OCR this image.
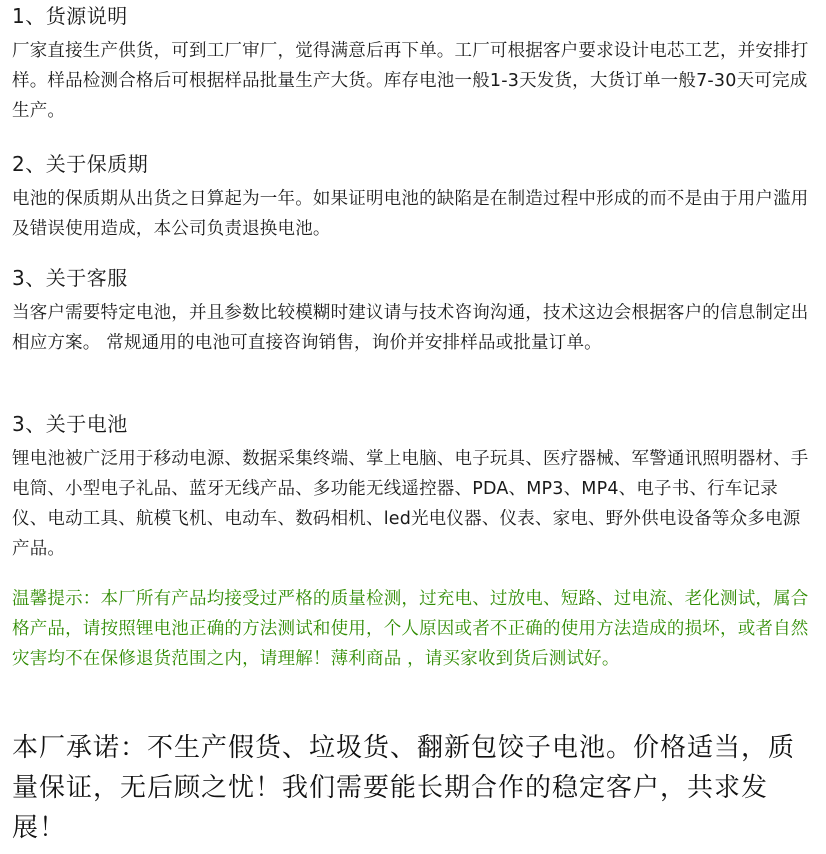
1、货源说明

厂家直接生产供货，可到工厂审厂，觉得满意后再下单。工厂可根据客户要求设计电芯工艺，并安排打样。样品检测合格后可根据样品批量生产大货。库存电池一般1-3天发货，大货订单一般7-30天可完成生产。

2、关于保质期

电池的保质期从出货之日算起为一年。如果证明电池的缺陷是在制造过程中形成的而不是由于用户滥用及错误使用造成，本公司负责退换电池。

3、关于客服

当客户需要特定电池，并且参数比较模糊时建议请与技术咨询沟通，技术这边会根据客户的信息制定出相应方案。 常规通用的电池可直接咨询销售，询价并安排样品或批量订单。

3、关于电池

锂电池被广泛用于移动电源、数据采集终端、掌上电脑、电子玩具、医疗器械、军警通讯照明器材、手电筒、小型电子礼品、蓝牙无线产品、多功能无线遥控器、PDA、MP3、MP4、电子书、行车记录仪、电动工具、航模飞机、电动车、数码相机、led光电仪器、仪表、家电、野外供电设备等众多电源产品。

温馨提示：本厂所有产品均接受过严格的质量检测，过充电、过放电、短路、过电流、老化测试，属合格产品，请按照锂电池正确的方法测试和使用，个人原因或者不正确的使用方法造成的损坏，或者自然灾害均不在保修退货范围之内，请理解！薄利商品 ，请买家收到货后测试好。

本厂承诺：不生产假货、垃圾货、翻新包饺子电池。价格适当，质量保证，无后顾之忧！我们需要能长期合作的稳定客户，共求发展！
